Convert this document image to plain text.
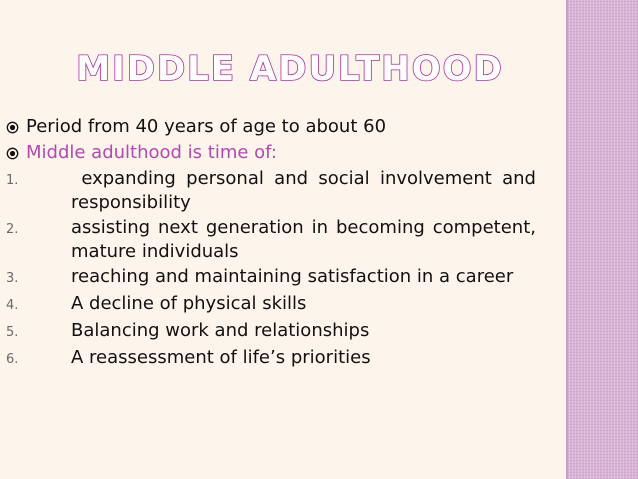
MIDDLE ADULTHOOD
Period from 40 years of age to about 60
Middle adulthood is time of:
1.	expanding personal and social involvement and responsibility
2.	assisting next generation in becoming competent, mature individuals
3.	reaching and maintaining satisfaction in a career
4.	A decline of physical skills
5.	Balancing work and relationships
6.	A reassessment of life’s priorities
